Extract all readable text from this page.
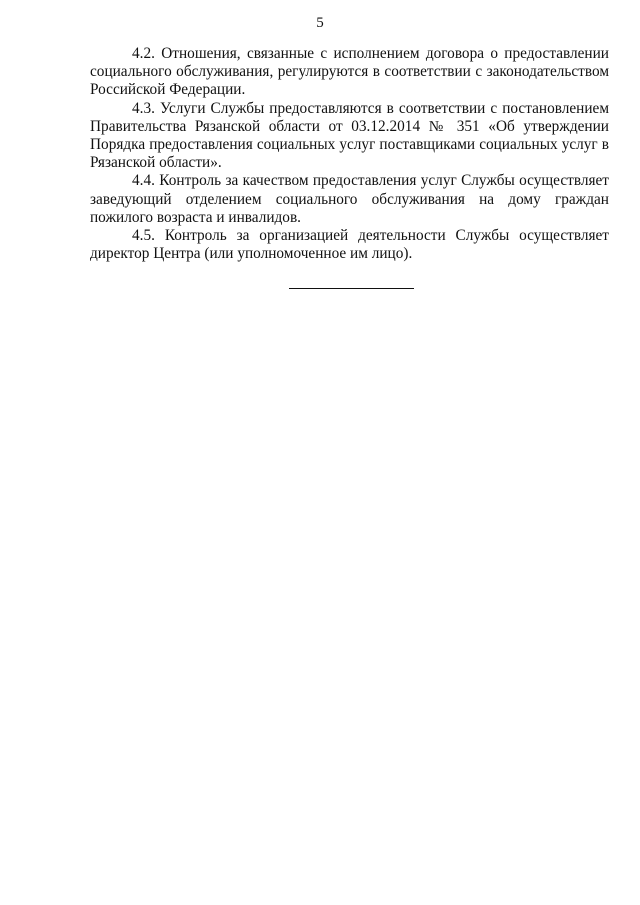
5

4.2. Отношения, связанные с исполнением договора о предоставлении социального обслуживания, регулируются в соответствии с законодательством Российской Федерации.

4.3. Услуги Службы предоставляются в соответствии с постановлением Правительства Рязанской области от 03.12.2014 № 351 «Об утверждении Порядка предоставления социальных услуг поставщиками социальных услуг в Рязанской области».

4.4. Контроль за качеством предоставления услуг Службы осуществляет заведующий отделением социального обслуживания на дому граждан пожилого возраста и инвалидов.

4.5. Контроль за организацией деятельности Службы осуществляет директор Центра (или уполномоченное им лицо).
